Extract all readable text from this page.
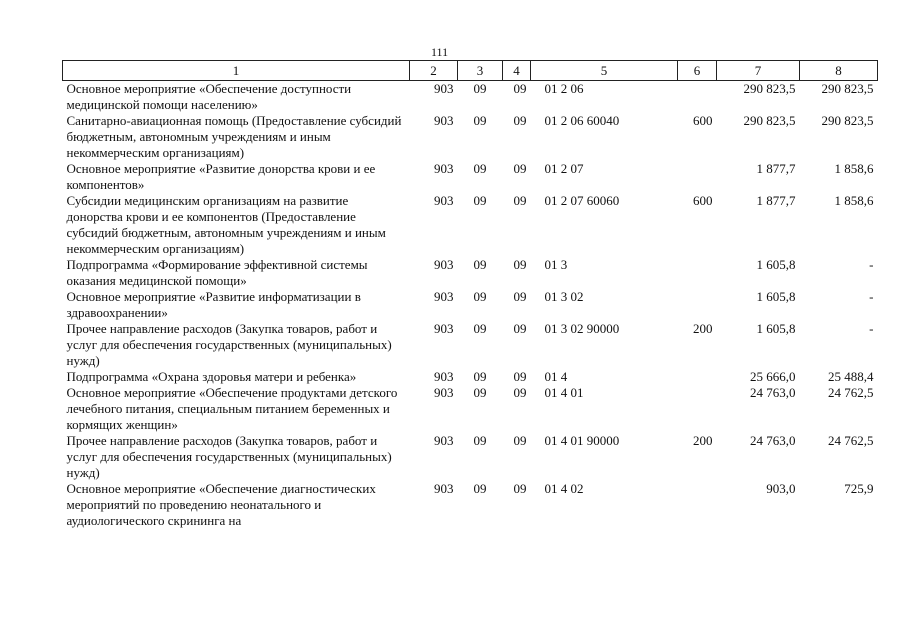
111
1	2	3	4	5	6	7	8
Основное мероприятие «Обеспечение доступности медицинской помощи населению»	903	09	09	01 2 06		290 823,5	290 823,5
Санитарно-авиационная помощь (Предоставление субсидий бюджетным, автономным учреждениям и иным некоммерческим организациям)	903	09	09	01 2 06 60040	600	290 823,5	290 823,5
Основное мероприятие «Развитие донорства крови и ее компонентов»	903	09	09	01 2 07		1 877,7	1 858,6
Субсидии медицинским организациям на развитие донорства крови и ее компонентов (Предоставление субсидий бюджетным, автономным учреждениям и иным некоммерческим организациям)	903	09	09	01 2 07 60060	600	1 877,7	1 858,6
Подпрограмма «Формирование эффективной системы оказания медицинской помощи»	903	09	09	01 3		1 605,8	-
Основное мероприятие «Развитие информатизации в здравоохранении»	903	09	09	01 3 02		1 605,8	-
Прочее направление расходов (Закупка товаров, работ и услуг для обеспечения государственных (муниципальных) нужд)	903	09	09	01 3 02 90000	200	1 605,8	-
Подпрограмма «Охрана здоровья матери и ребенка»	903	09	09	01 4		25 666,0	25 488,4
Основное мероприятие «Обеспечение продуктами детского лечебного питания, специальным питанием беременных и кормящих женщин»	903	09	09	01 4 01		24 763,0	24 762,5
Прочее направление расходов (Закупка товаров, работ и услуг для обеспечения государственных (муниципальных) нужд)	903	09	09	01 4 01 90000	200	24 763,0	24 762,5
Основное мероприятие «Обеспечение диагностических мероприятий по проведению неонатального и аудиологического скрининга на	903	09	09	01 4 02		903,0	725,9
